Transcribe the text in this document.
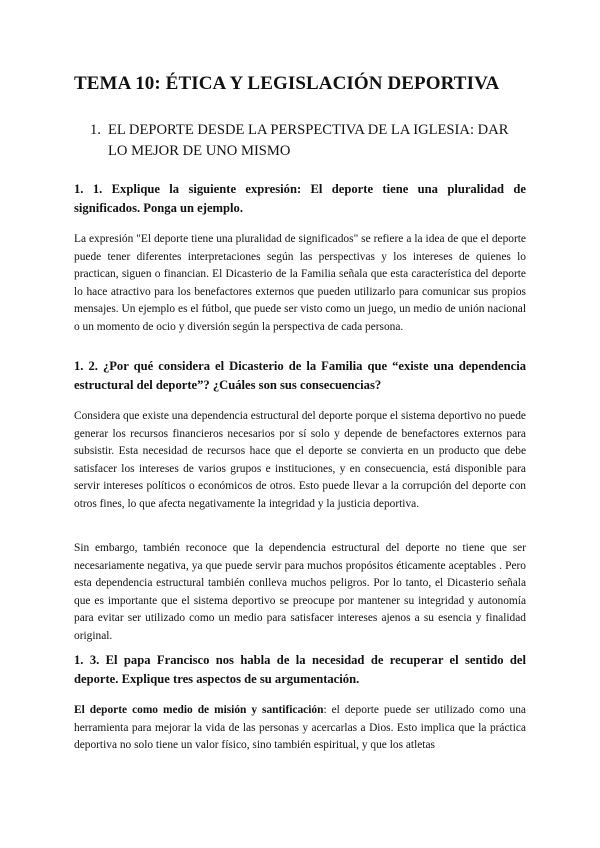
TEMA 10: ÉTICA Y LEGISLACIÓN DEPORTIVA
1. EL DEPORTE DESDE LA PERSPECTIVA DE LA IGLESIA: DAR LO MEJOR DE UNO MISMO
1. 1. Explique la siguiente expresión: El deporte tiene una pluralidad de significados. Ponga un ejemplo.
La expresión "El deporte tiene una pluralidad de significados" se refiere a la idea de que el deporte puede tener diferentes interpretaciones según las perspectivas y los intereses de quienes lo practican, siguen o financian. El Dicasterio de la Familia señala que esta característica del deporte lo hace atractivo para los benefactores externos que pueden utilizarlo para comunicar sus propios mensajes. Un ejemplo es el fútbol, que puede ser visto como un juego, un medio de unión nacional o un momento de ocio y diversión según la perspectiva de cada persona.
1. 2. ¿Por qué considera el Dicasterio de la Familia que “existe una dependencia estructural del deporte”? ¿Cuáles son sus consecuencias?
Considera que existe una dependencia estructural del deporte porque el sistema deportivo no puede generar los recursos financieros necesarios por sí solo y depende de benefactores externos para subsistir. Esta necesidad de recursos hace que el deporte se convierta en un producto que debe satisfacer los intereses de varios grupos e instituciones, y en consecuencia, está disponible para servir intereses políticos o económicos de otros. Esto puede llevar a la corrupción del deporte con otros fines, lo que afecta negativamente la integridad y la justicia deportiva.
Sin embargo, también reconoce que la dependencia estructural del deporte no tiene que ser necesariamente negativa, ya que puede servir para muchos propósitos éticamente aceptables . Pero esta dependencia estructural también conlleva muchos peligros. Por lo tanto, el Dicasterio señala que es importante que el sistema deportivo se preocupe por mantener su integridad y autonomía para evitar ser utilizado como un medio para satisfacer intereses ajenos a su esencia y finalidad original.
1. 3. El papa Francisco nos habla de la necesidad de recuperar el sentido del deporte. Explique tres aspectos de su argumentación.
El deporte como medio de misión y santificación: el deporte puede ser utilizado como una herramienta para mejorar la vida de las personas y acercarlas a Dios. Esto implica que la práctica deportiva no solo tiene un valor físico, sino también espiritual, y que los atletas
